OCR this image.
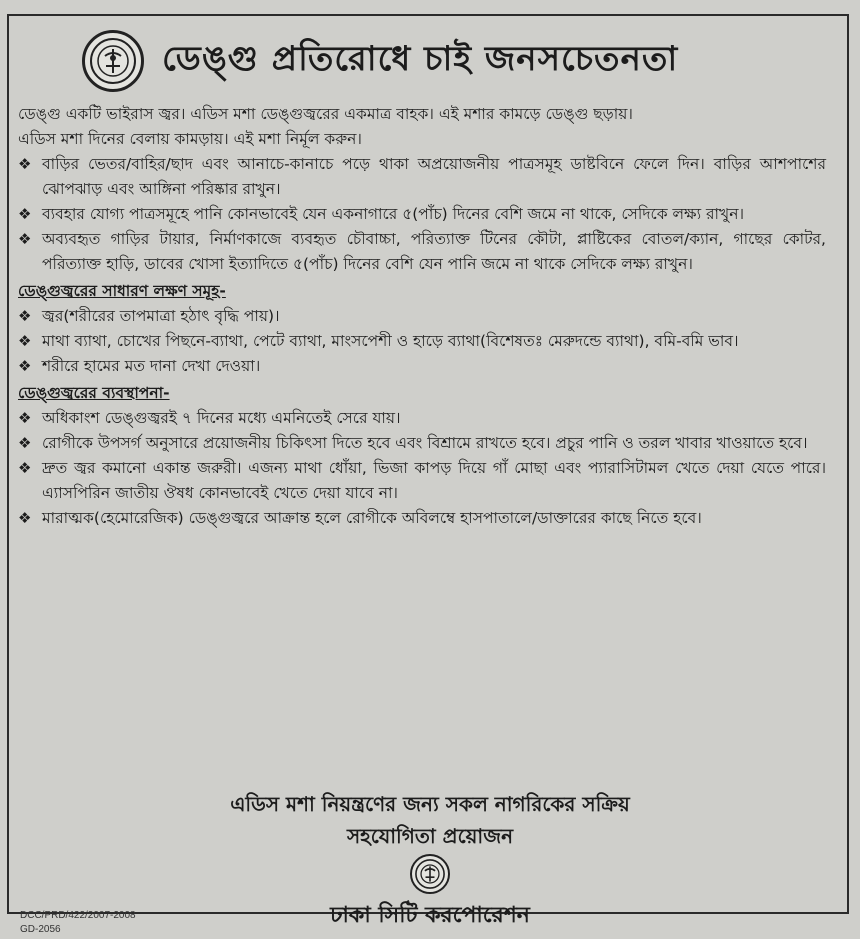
ডেঙ্গু প্রতিরোধে চাই জনসচেতনতা

ডেঙ্গু একটি ভাইরাস জ্বর। এডিস মশা ডেঙ্গুজ্বরের একমাত্র বাহক। এই মশার কামড়ে ডেঙ্গু ছড়ায়।

এডিস মশা দিনের বেলায় কামড়ায়। এই মশা নির্মূল করুন।

❖ বাড়ির ভেতর/বাহির/ছাদ এবং আনাচে-কানাচে পড়ে থাকা অপ্রয়োজনীয় পাত্রসমূহ ডাষ্টবিনে ফেলে দিন। বাড়ির আশপাশের ঝোপঝাড় এবং আঙ্গিনা পরিষ্কার রাখুন।
❖ ব্যবহার যোগ্য পাত্রসমূহে পানি কোনভাবেই যেন একনাগারে ৫(পাঁচ) দিনের বেশি জমে না থাকে, সেদিকে লক্ষ্য রাখুন।
❖ অব্যবহৃত গাড়ির টায়ার, নির্মাণকাজে ব্যবহৃত চৌবাচ্চা, পরিত্যাক্ত টিনের কৌটা, প্লাষ্টিকের বোতল/ক্যান, গাছের কোটর, পরিত্যাক্ত হাড়ি, ডাবের খোসা ইত্যাদিতে ৫(পাঁচ) দিনের বেশি যেন পানি জমে না থাকে সেদিকে লক্ষ্য রাখুন।
ডেঙ্গুজ্বরের সাধারণ লক্ষণ সমূহ-
❖ জ্বর(শরীরের তাপমাত্রা হঠাৎ বৃদ্ধি পায়)।
❖ মাথা ব্যাথা, চোখের পিছনে-ব্যাথা, পেটে ব্যাথা, মাংসপেশী ও হাড়ে ব্যাথা(বিশেষতঃ মেরুদন্ডে ব্যাথা), বমি-বমি ভাব।
❖ শরীরে হামের মত দানা দেখা দেওয়া।
ডেঙ্গুজ্বরের ব্যবস্থাপনা-
❖ অধিকাংশ ডেঙ্গুজ্বরই ৭ দিনের মধ্যে এমনিতেই সেরে যায়।
❖ রোগীকে উপসর্গ অনুসারে প্রয়োজনীয় চিকিৎসা দিতে হবে এবং বিশ্রামে রাখতে হবে। প্রচুর পানি ও তরল খাবার খাওয়াতে হবে।
❖ দ্রুত জ্বর কমানো একান্ত জরুরী। এজন্য মাথা ধোঁয়া, ভিজা কাপড় দিয়ে গাঁ মোছা এবং প্যারাসিটামল খেতে দেয়া যেতে পারে। এ্যাসপিরিন জাতীয় ঔষধ কোনভাবেই খেতে দেয়া যাবে না।
❖ মারাত্মক(হেমোরেজিক) ডেঙ্গুজ্বরে আক্রান্ত হলে রোগীকে অবিলম্বে হাসপাতালে/ডাক্তারের কাছে নিতে হবে।
এডিস মশা নিয়ন্ত্রণের জন্য সকল নাগরিকের সক্রিয়
সহযোগিতা প্রয়োজন
ঢাকা সিটি করপোরেশন
DCC/PRD/422/2007-2008
GD-2056
